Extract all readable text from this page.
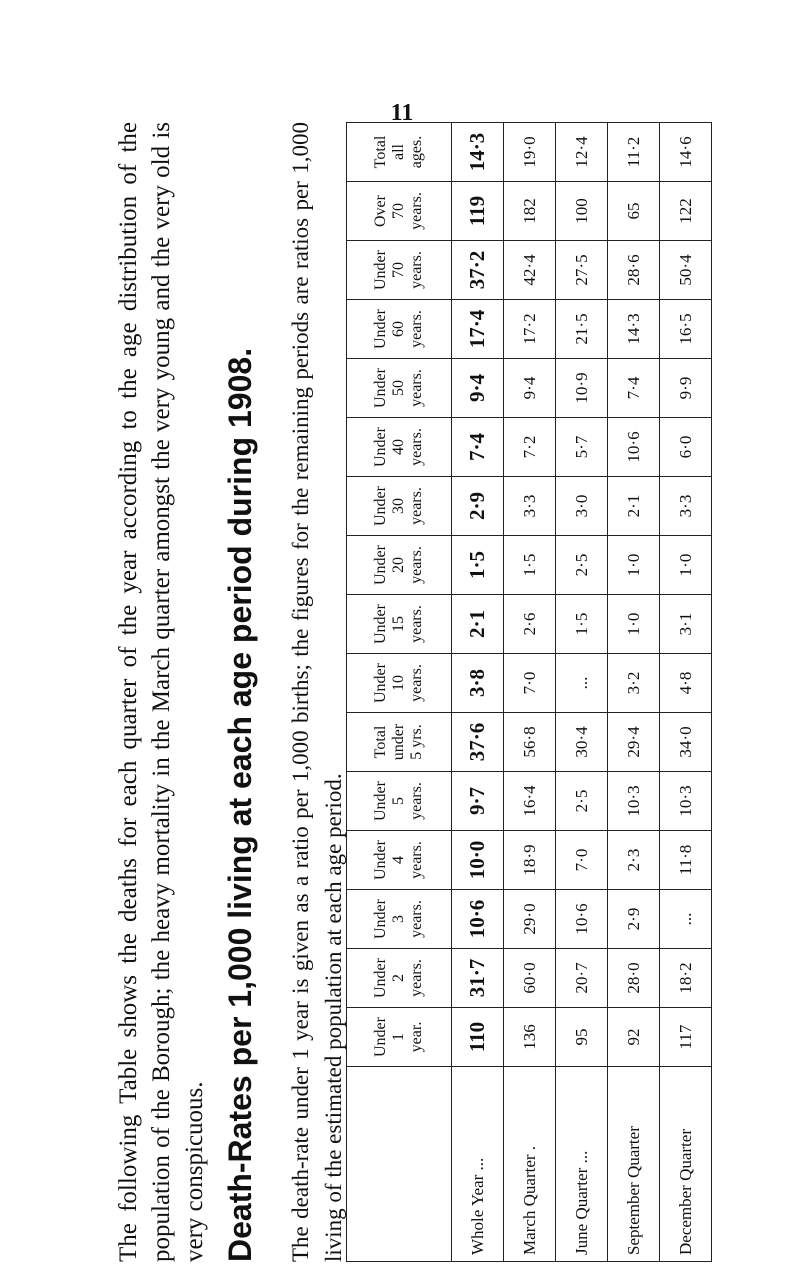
11

The following Table shows the deaths for each quarter of the year according to the age distribution of the population of the Borough; the heavy mortality in the March quarter amongst the very young and the very old is very conspicuous. Death-Rates per 1,000 living at each age period during 1908. The death-rate under 1 year is given as a ratio per 1,000 births; the figures for the remaining periods are ratios per 1,000 living of the estimated population at each age period.

	Under
1
year.	Under
2
years.	Under
3
years.	Under
4
years.	Under
5
years.	Total
under
5 yrs.	Under
10
years.	Under
15
years.	Under
20
years.	Under
30
years.	Under
40
years.	Under
50
years.	Under
60
years.	Under
70
years.	Over
70
years.	Total
all
ages.
Whole Year ...	110	31·7	10·6	10·0	9·7	37·6	3·8	2·1	1·5	2·9	7·4	9·4	17·4	37·2	119	14·3
March Quarter .	136	60·0	29·0	18·9	16·4	56·8	7·0	2·6	1·5	3·3	7·2	9·4	17·2	42·4	182	19·0
June Quarter ...	95	20·7	10·6	7·0	2·5	30·4	...	1·5	2·5	3·0	5·7	10·9	21·5	27·5	100	12·4
September Quarter	92	28·0	2·9	2·3	10·3	29·4	3·2	1·0	1·0	2·1	10·6	7·4	14·3	28·6	65	11·2
December Quarter	117	18·2	...	11·8	10·3	34·0	4·8	3·1	1·0	3·3	6·0	9·9	16·5	50·4	122	14·6
